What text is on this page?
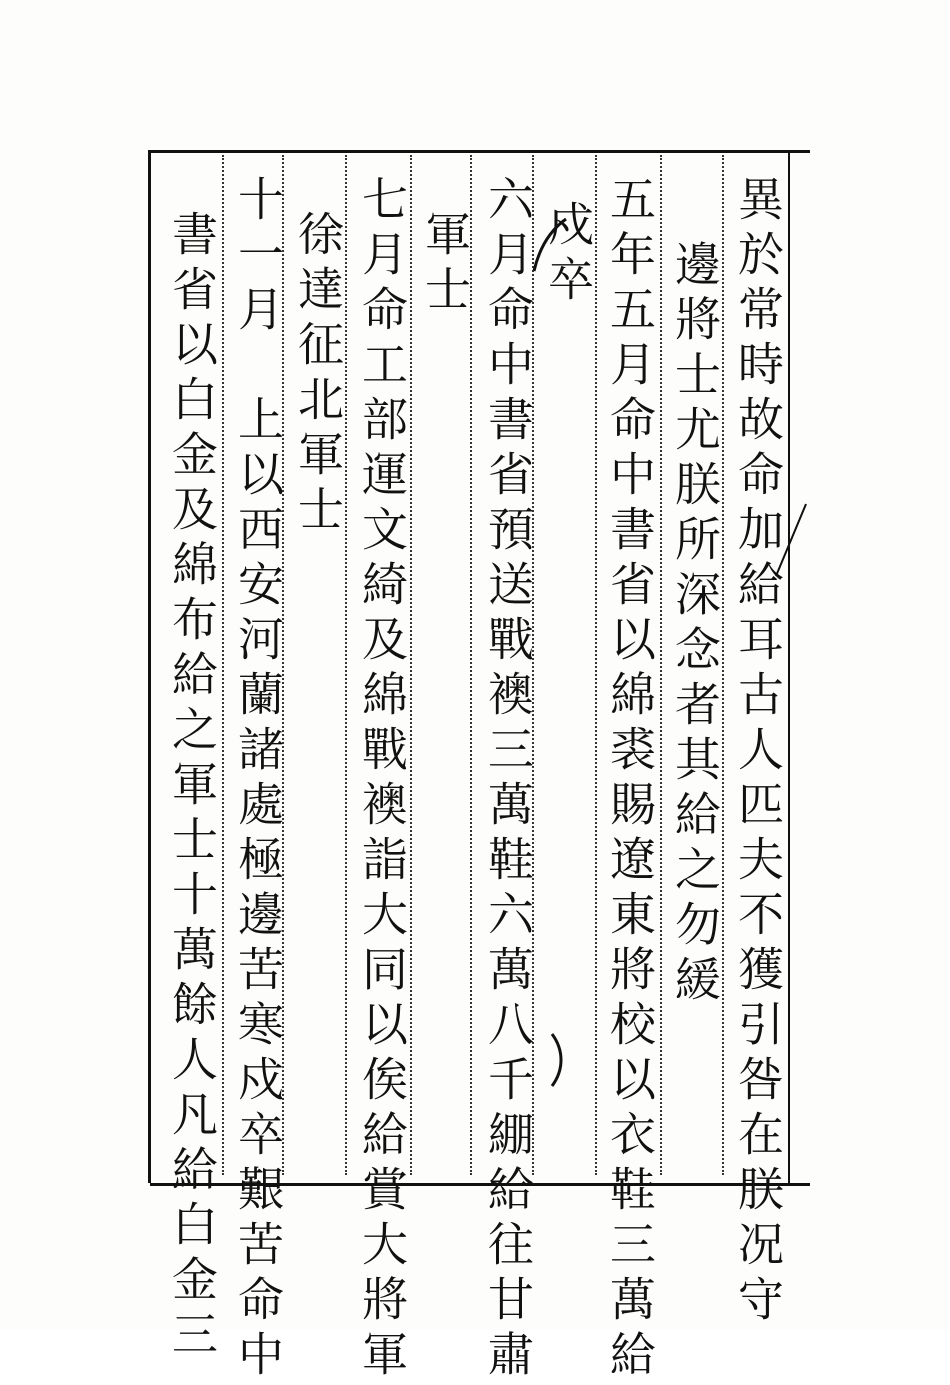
異於常時故命加給耳古人匹夫不獲引咎在朕况守
邊將士尤朕所深念者其給之勿緩
五年五月命中書省以綿裘賜遼東將校以衣鞋三萬給
戍卒
六月命中書省預送戰襖三萬鞋六萬八千綳給往甘肅
軍士
七月命工部運文綺及綿戰襖詣大同以俟給賞大將軍
徐達征北軍士
十一月　上以西安河蘭諸處極邊苦寒戍卒艱苦命中
書省以白金及綿布給之軍士十萬餘人凡給白金三
